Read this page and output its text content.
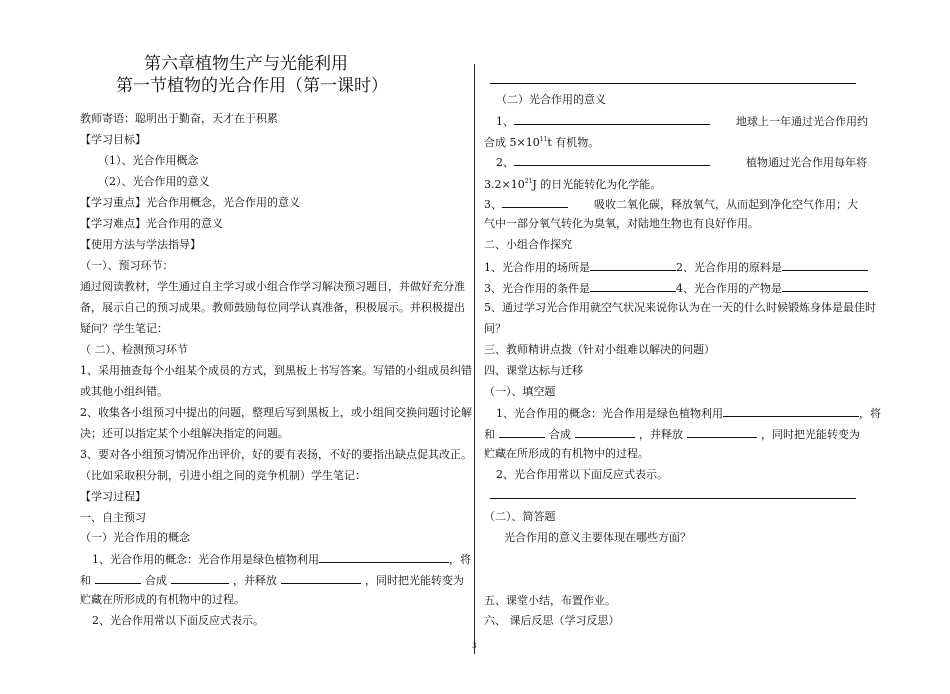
第六章植物生产与光能利用
第一节植物的光合作用（第一课时）
教师寄语：聪明出于勤奋，天才在于积累
【学习目标】
（1）、光合作用概念
（2）、光合作用的意义
【学习重点】光合作用概念，光合作用的意义
【学习难点】光合作用的意义
【使用方法与学法指导】
（一）、预习环节：
通过阅读教材，学生通过自主学习或小组合作学习解决预习题目，并做好充分准
备，展示自己的预习成果。教师鼓励每位同学认真准备，积极展示。并积极提出
疑问？学生笔记：
（ 二）、检测预习环节
1、采用抽查每个小组某个成员的方式，到黑板上书写答案。写错的小组成员纠错
或其他小组纠错。
2、收集各小组预习中提出的问题，整理后写到黑板上，或小组间交换问题讨论解
决；还可以指定某个小组解决指定的问题。
3、要对各小组预习情况作出评价，好的要有表扬，不好的要指出缺点促其改正。
（比如采取积分制，引进小组之间的竞争机制）学生笔记：
【学习过程】
一、自主预习
（一）光合作用的概念
1、光合作用的概念：光合作用是绿色植物利用	，将
和	合成	，并释放	，同时把光能转变为
贮藏在所形成的有机物中的过程。
2、光合作用常以下面反应式表示。
（二）光合作用的意义
1、	地球上一年通过光合作用约
合成 $5\times 10^{11}t$ 有机物。
2、	植物通过光合作用每年将
$3.2\times 10^{21}J$ 的日光能转化为化学能。
3、	吸收二氧化碳，释放氧气，从而起到净化空气作用；大
气中一部分氧气转化为臭氧，对陆地生物也有良好作用。
二、小组合作探究
1、光合作用的场所是	2、光合作用的原料是
3、光合作用的条件是	4、光合作用的产物是
5、通过学习光合作用就空气状况来说你认为在一天的什么时候锻炼身体是最佳时
间？
三、教师精讲点拨（针对小组难以解决的问题）
四、课堂达标与迁移
（一）、填空题
1、光合作用的概念：光合作用是绿色植物利用	，将
和	合成	，并释放	，同时把光能转变为
贮藏在所形成的有机物中的过程。
2、光合作用常以下面反应式表示。
（二）、简答题
光合作用的意义主要体现在哪些方面？
五、课堂小结，布置作业。
六、 课后反思（学习反思）
3
